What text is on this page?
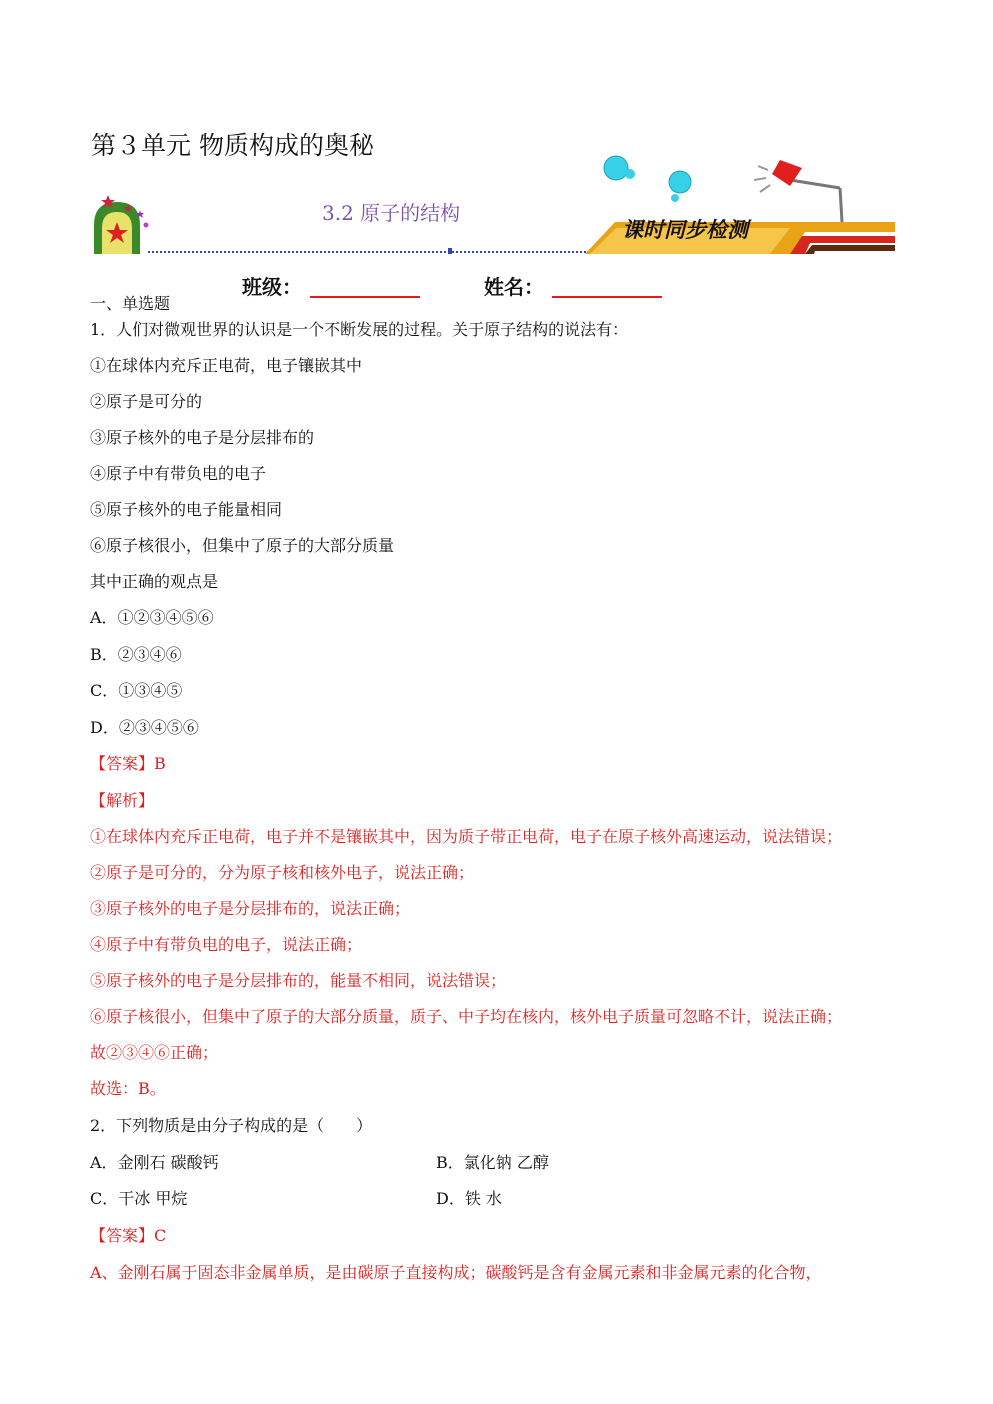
第３单元 物质构成的奥秘
3.2 原子的结构
课时同步检测
班级：	姓名：
一、单选题
1．人们对微观世界的认识是一个不断发展的过程。关于原子结构的说法有：
①在球体内充斥正电荷，电子镶嵌其中
②原子是可分的
③原子核外的电子是分层排布的
④原子中有带负电的电子
⑤原子核外的电子能量相同
⑥原子核很小，但集中了原子的大部分质量
其中正确的观点是
A．①②③④⑤⑥
B．②③④⑥
C．①③④⑤
D．②③④⑤⑥
【答案】B
【解析】
①在球体内充斥正电荷，电子并不是镶嵌其中，因为质子带正电荷，电子在原子核外高速运动，说法错误；
②原子是可分的，分为原子核和核外电子，说法正确；
③原子核外的电子是分层排布的，说法正确；
④原子中有带负电的电子，说法正确；
⑤原子核外的电子是分层排布的，能量不相同，说法错误；
⑥原子核很小，但集中了原子的大部分质量，质子、中子均在核内，核外电子质量可忽略不计，说法正确；
故②③④⑥正确；
故选：B。
2．下列物质是由分子构成的是（　　）
A．金刚石 碳酸钙	B．氯化钠 乙醇
C．干冰 甲烷	D．铁 水
【答案】C
A、金刚石属于固态非金属单质，是由碳原子直接构成；碳酸钙是含有金属元素和非金属元素的化合物，
